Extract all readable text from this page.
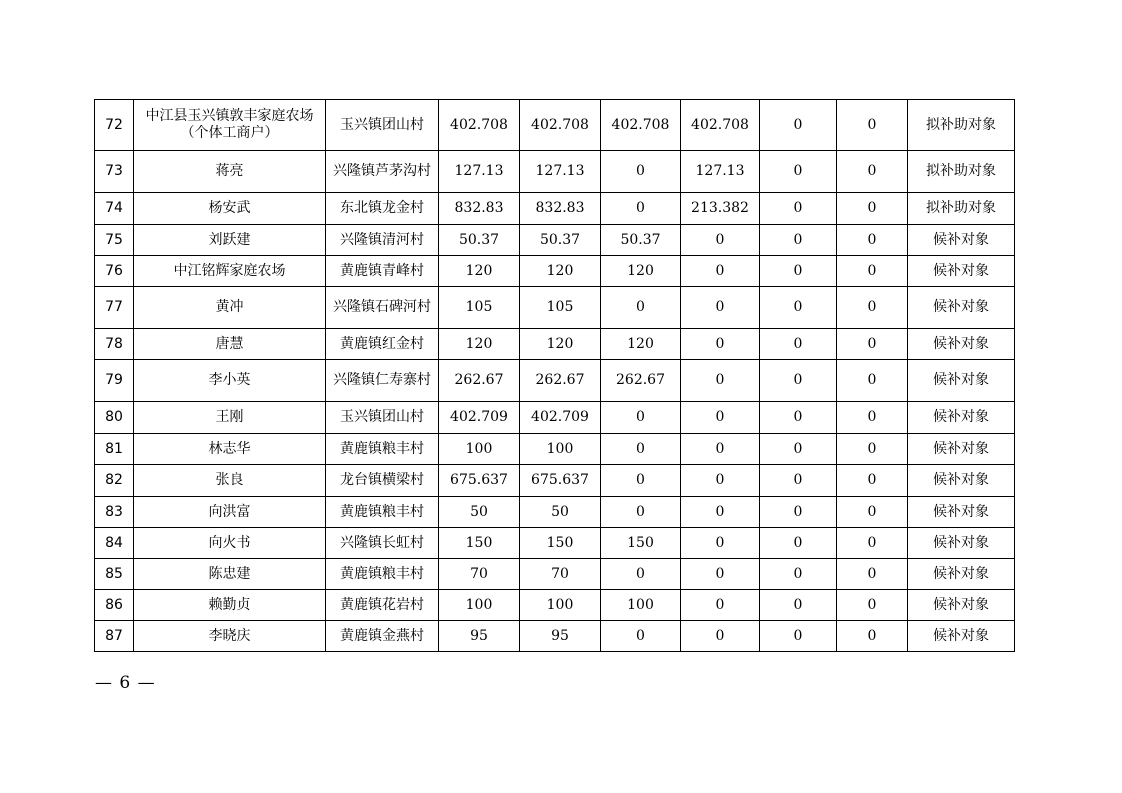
72	中江县玉兴镇敦丰家庭农场（个体工商户）	玉兴镇团山村	402.708	402.708	402.708	402.708	0	0	拟补助对象
73	蒋亮	兴隆镇芦茅沟村	127.13	127.13	0	127.13	0	0	拟补助对象
74	杨安武	东北镇龙金村	832.83	832.83	0	213.382	0	0	拟补助对象
75	刘跃建	兴隆镇清河村	50.37	50.37	50.37	0	0	0	候补对象
76	中江铭辉家庭农场	黄鹿镇青峰村	120	120	120	0	0	0	候补对象
77	黄冲	兴隆镇石碑河村	105	105	0	0	0	0	候补对象
78	唐慧	黄鹿镇红金村	120	120	120	0	0	0	候补对象
79	李小英	兴隆镇仁寿寨村	262.67	262.67	262.67	0	0	0	候补对象
80	王刚	玉兴镇团山村	402.709	402.709	0	0	0	0	候补对象
81	林志华	黄鹿镇粮丰村	100	100	0	0	0	0	候补对象
82	张良	龙台镇横梁村	675.637	675.637	0	0	0	0	候补对象
83	向洪富	黄鹿镇粮丰村	50	50	0	0	0	0	候补对象
84	向火书	兴隆镇长虹村	150	150	150	0	0	0	候补对象
85	陈忠建	黄鹿镇粮丰村	70	70	0	0	0	0	候补对象
86	赖勤贞	黄鹿镇花岩村	100	100	100	0	0	0	候补对象
87	李晓庆	黄鹿镇金燕村	95	95	0	0	0	0	候补对象
— 6 —
